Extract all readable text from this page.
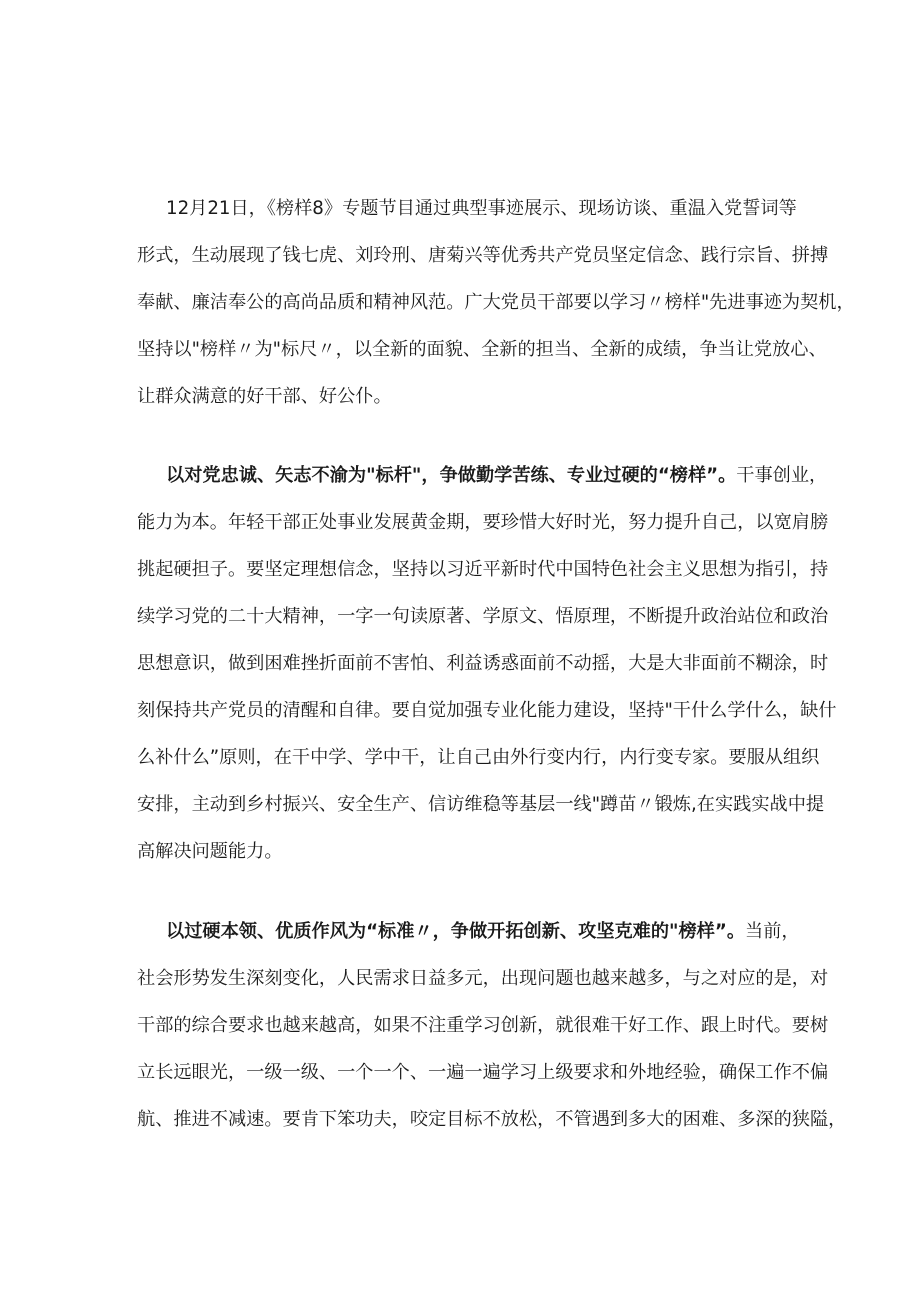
12月21日，《榜样8》专题节目通过典型事迹展示、现场访谈、重温入党誓词等
形式，生动展现了钱七虎、刘玲刑、唐菊兴等优秀共产党员坚定信念、践行宗旨、拼搏
奉献、廉洁奉公的高尚品质和精神风范。广大党员干部要以学习〃榜样"先进事迹为契机，
坚持以"榜样〃为"标尺〃，以全新的面貌、全新的担当、全新的成绩，争当让党放心、
让群众满意的好干部、好公仆。
以对党忠诚、矢志不渝为"标杆"，争做勤学苦练、专业过硬的“榜样”。干事创业，
能力为本。年轻干部正处事业发展黄金期，要珍惜大好时光，努力提升自己，以宽肩膀
挑起硬担子。要坚定理想信念，坚持以习近平新时代中国特色社会主义思想为指引，持
续学习党的二十大精神，一字一句读原著、学原文、悟原理，不断提升政治站位和政治
思想意识，做到困难挫折面前不害怕、利益诱惑面前不动摇，大是大非面前不糊涂，时
刻保持共产党员的清醒和自律。要自觉加强专业化能力建设，坚持"干什么学什么，缺什
么补什么”原则，在干中学、学中干，让自己由外行变内行，内行变专家。要服从组织
安排，主动到乡村振兴、安全生产、信访维稳等基层一线"蹲苗〃锻炼,在实践实战中提
高解决问题能力。
以过硬本领、优质作风为“标准〃，争做开拓创新、攻坚克难的"榜样”。当前，
社会形势发生深刻变化，人民需求日益多元，出现问题也越来越多，与之对应的是，对
干部的综合要求也越来越高，如果不注重学习创新，就很难干好工作、跟上时代。要树
立长远眼光，一级一级、一个一个、一遍一遍学习上级要求和外地经验，确保工作不偏
航、推进不减速。要肯下笨功夫，咬定目标不放松，不管遇到多大的困难、多深的狭隘，
